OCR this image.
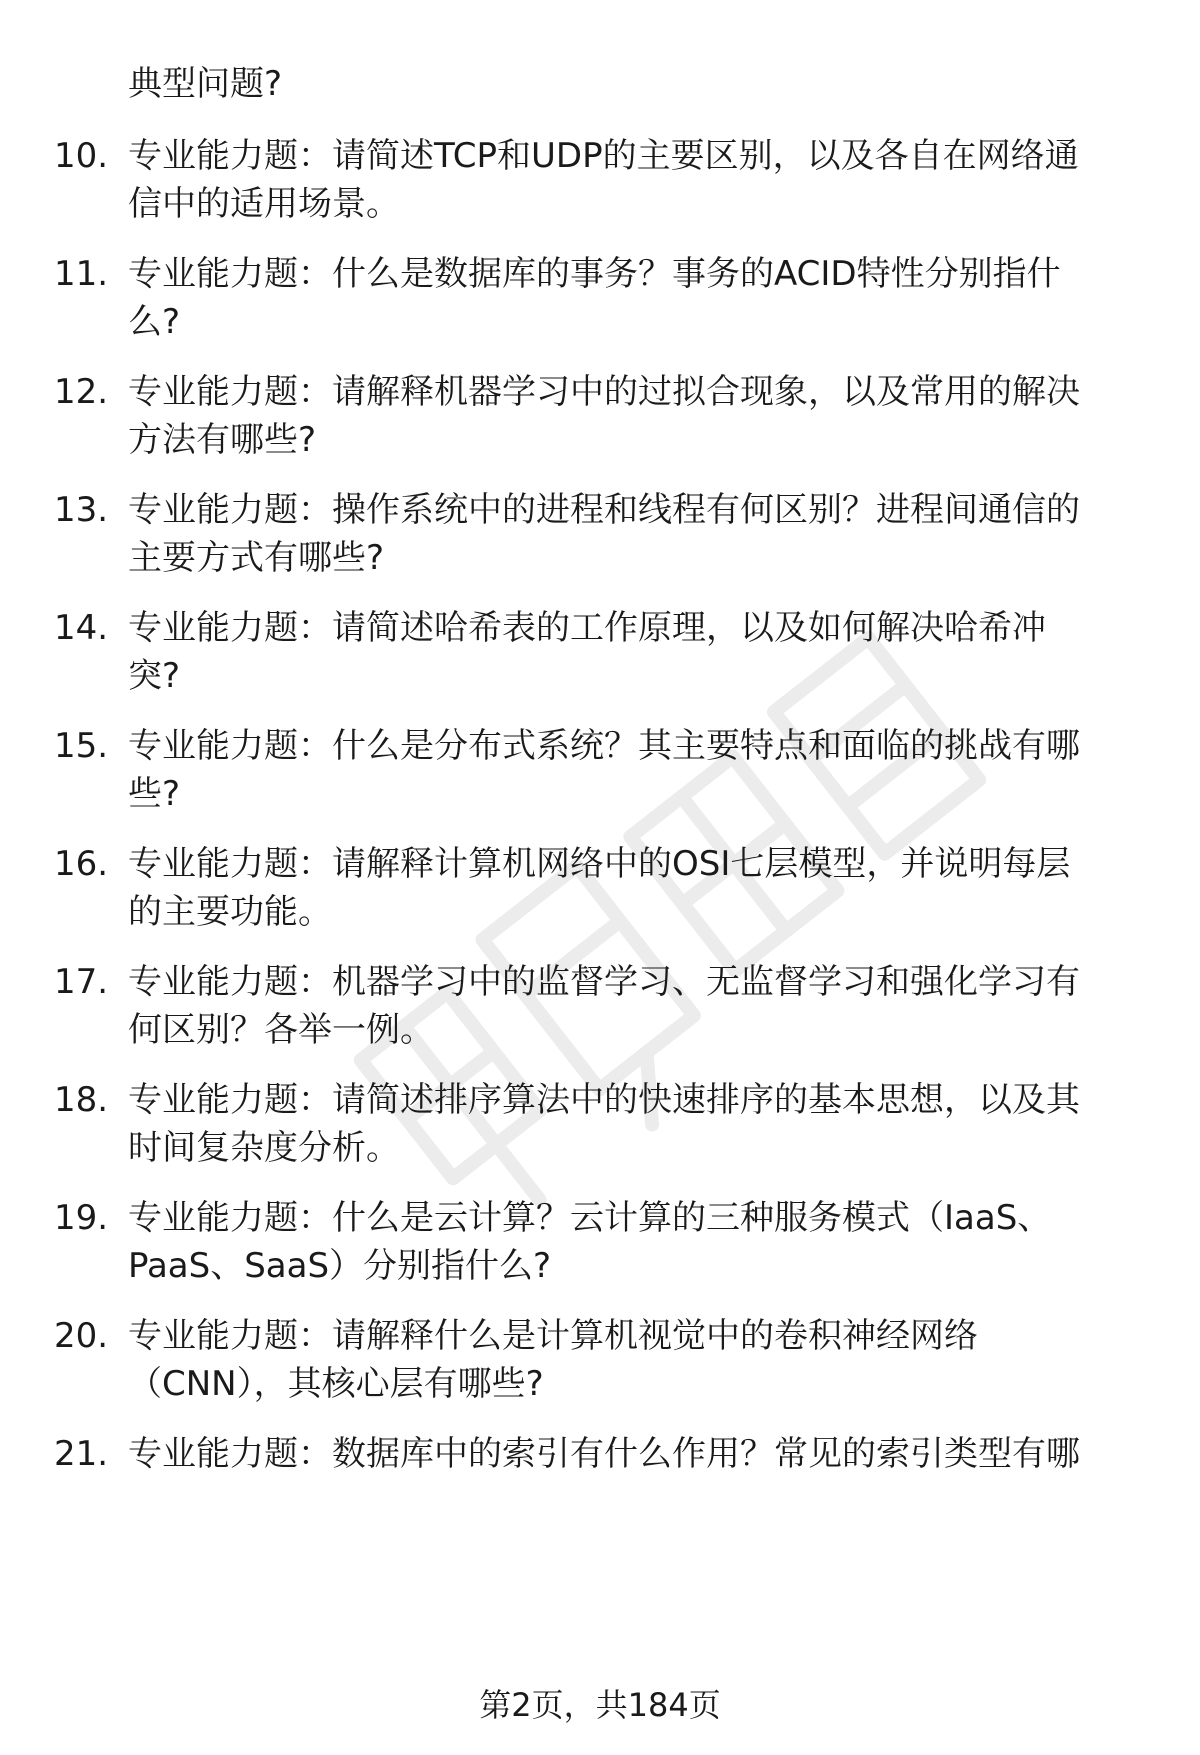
典型问题?
10. 专业能力题：请简述TCP和UDP的主要区别，以及各自在网络通
信中的适用场景。
11. 专业能力题：什么是数据库的事务？事务的ACID特性分别指什
么?
12. 专业能力题：请解释机器学习中的过拟合现象，以及常用的解决
方法有哪些?
13. 专业能力题：操作系统中的进程和线程有何区别？进程间通信的
主要方式有哪些?
14. 专业能力题：请简述哈希表的工作原理，以及如何解决哈希冲
突?
15. 专业能力题：什么是分布式系统？其主要特点和面临的挑战有哪
些?
16. 专业能力题：请解释计算机网络中的OSI七层模型，并说明每层
的主要功能。
17. 专业能力题：机器学习中的监督学习、无监督学习和强化学习有
何区别？各举一例。
18. 专业能力题：请简述排序算法中的快速排序的基本思想，以及其
时间复杂度分析。
19. 专业能力题：什么是云计算？云计算的三种服务模式（IaaS、
PaaS、SaaS）分别指什么?
20. 专业能力题：请解释什么是计算机视觉中的卷积神经网络
（CNN），其核心层有哪些?
21. 专业能力题：数据库中的索引有什么作用？常见的索引类型有哪
第2页，共184页
